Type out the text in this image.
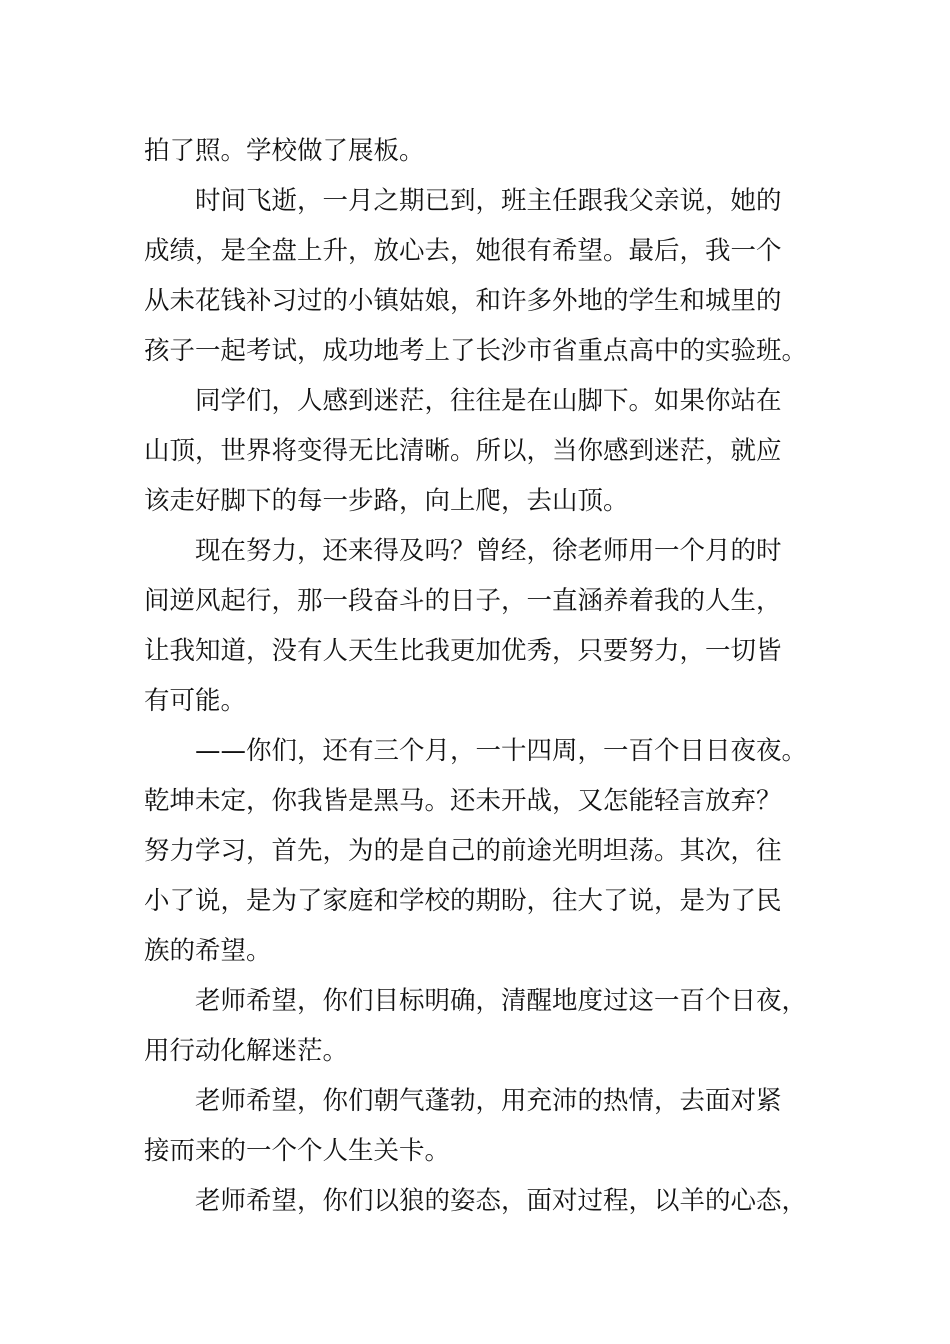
拍了照。学校做了展板。
时间飞逝，一月之期已到，班主任跟我父亲说，她的
成绩，是全盘上升，放心去，她很有希望。最后，我一个
从未花钱补习过的小镇姑娘，和许多外地的学生和城里的
孩子一起考试，成功地考上了长沙市省重点高中的实验班。
同学们，人感到迷茫，往往是在山脚下。如果你站在
山顶，世界将变得无比清晰。所以，当你感到迷茫，就应
该走好脚下的每一步路，向上爬，去山顶。
现在努力，还来得及吗？曾经，徐老师用一个月的时
间逆风起行，那一段奋斗的日子，一直涵养着我的人生，
让我知道，没有人天生比我更加优秀，只要努力，一切皆
有可能。
——你们，还有三个月，一十四周，一百个日日夜夜。
乾坤未定，你我皆是黑马。还未开战，又怎能轻言放弃？
努力学习，首先，为的是自己的前途光明坦荡。其次，往
小了说，是为了家庭和学校的期盼，往大了说，是为了民
族的希望。
老师希望，你们目标明确，清醒地度过这一百个日夜，
用行动化解迷茫。
老师希望，你们朝气蓬勃，用充沛的热情，去面对紧
接而来的一个个人生关卡。
老师希望，你们以狼的姿态，面对过程，以羊的心态，
